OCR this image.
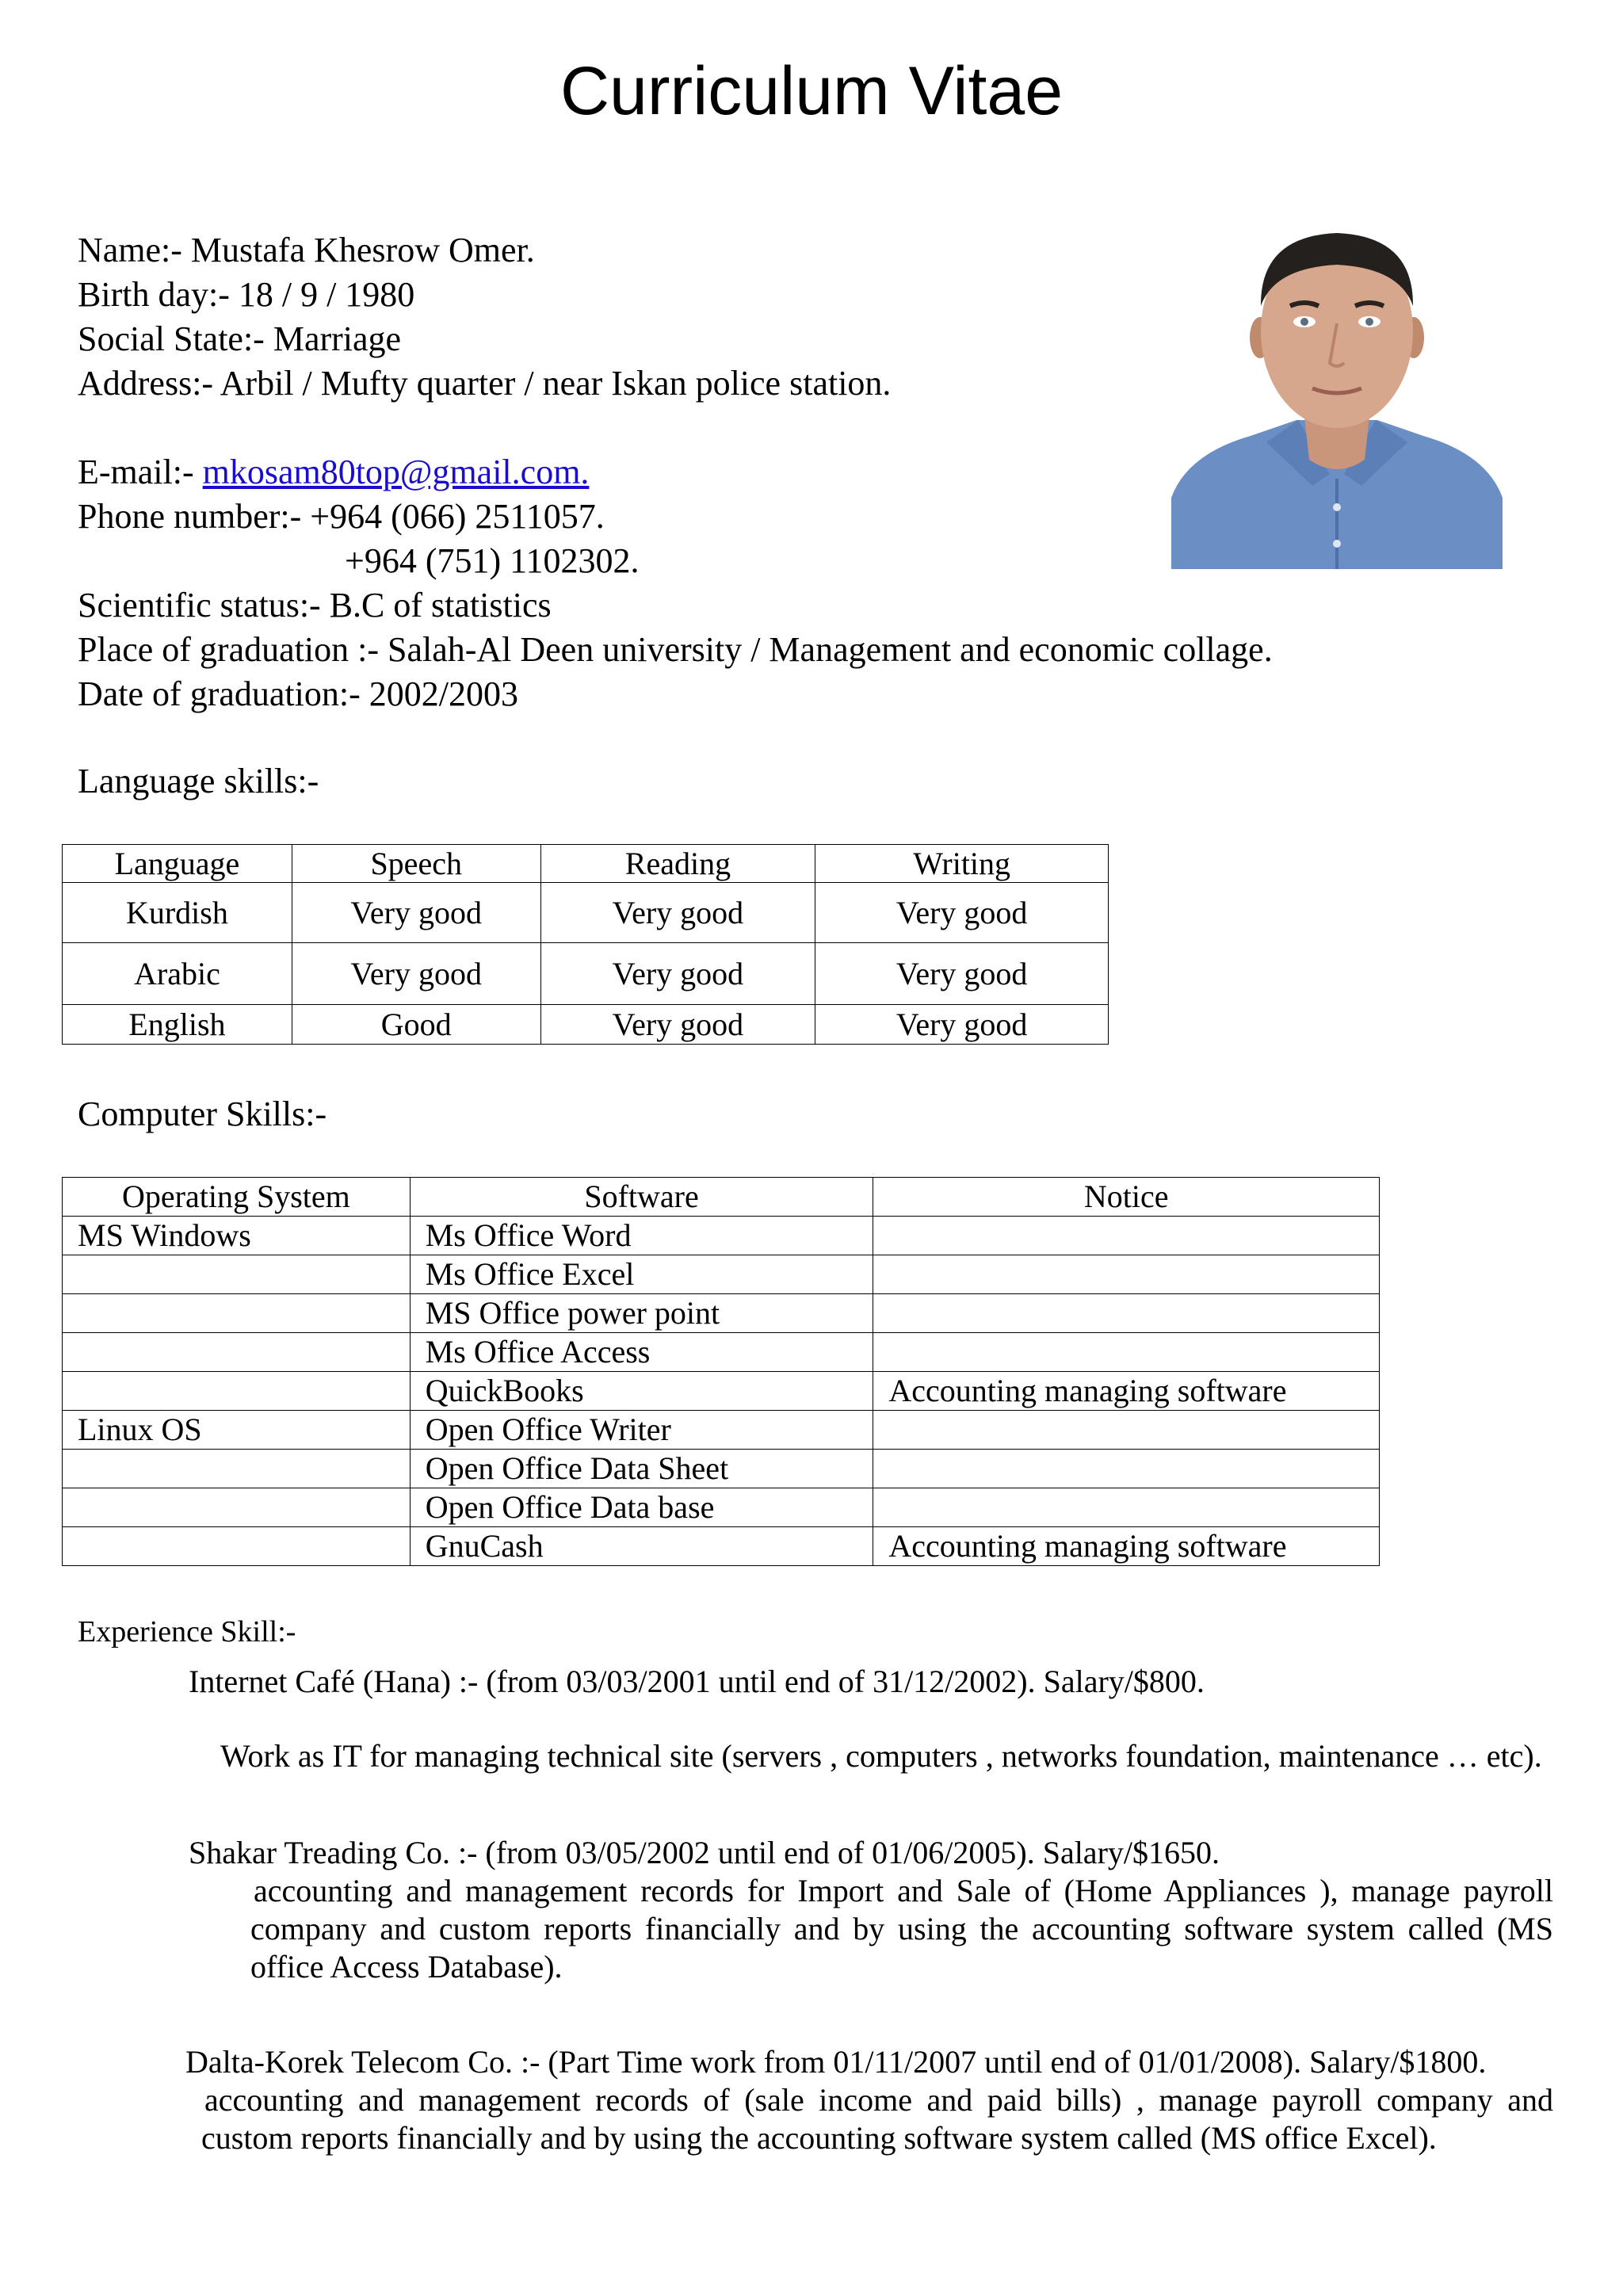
Curriculum Vitae
Name:- Mustafa Khesrow Omer.
Birth day:- 18 / 9 / 1980
Social State:- Marriage
Address:- Arbil / Mufty quarter / near Iskan police station.
E-mail:- mkosam80top@gmail.com.
Phone number:- +964 (066) 2511057.
+964 (751) 1102302.
Scientific status:- B.C of statistics
Place of graduation :- Salah-Al Deen university / Management and economic collage.
Date of graduation:- 2002/2003
Language skills:-
Language	Speech	Reading	Writing
Kurdish	Very good	Very good	Very good
Arabic	Very good	Very good	Very good
English	Good	Very good	Very good
Computer Skills:-
Operating System	Software	Notice
MS Windows	Ms Office Word	
	Ms Office Excel	
	MS Office power point	
	Ms Office Access	
	QuickBooks	Accounting managing software
Linux OS	Open Office Writer	
	Open Office Data Sheet	
	Open Office Data base	
	GnuCash	Accounting managing software
Experience Skill:-
Internet Café (Hana) :- (from 03/03/2001 until end of 31/12/2002). Salary/$800.
Work as IT for managing technical site (servers , computers , networks foundation, maintenance … etc).
Shakar Treading Co. :- (from 03/05/2002 until end of 01/06/2005). Salary/$1650.
accounting and management records for Import and Sale of (Home Appliances ), manage payroll company and custom reports financially and by using the accounting software system called (MS office Access Database).
Dalta-Korek Telecom Co. :- (Part Time work from 01/11/2007 until end of 01/01/2008). Salary/$1800.
accounting and management records of (sale income and paid bills) , manage payroll company and custom reports financially and by using the accounting software system called (MS office Excel).
